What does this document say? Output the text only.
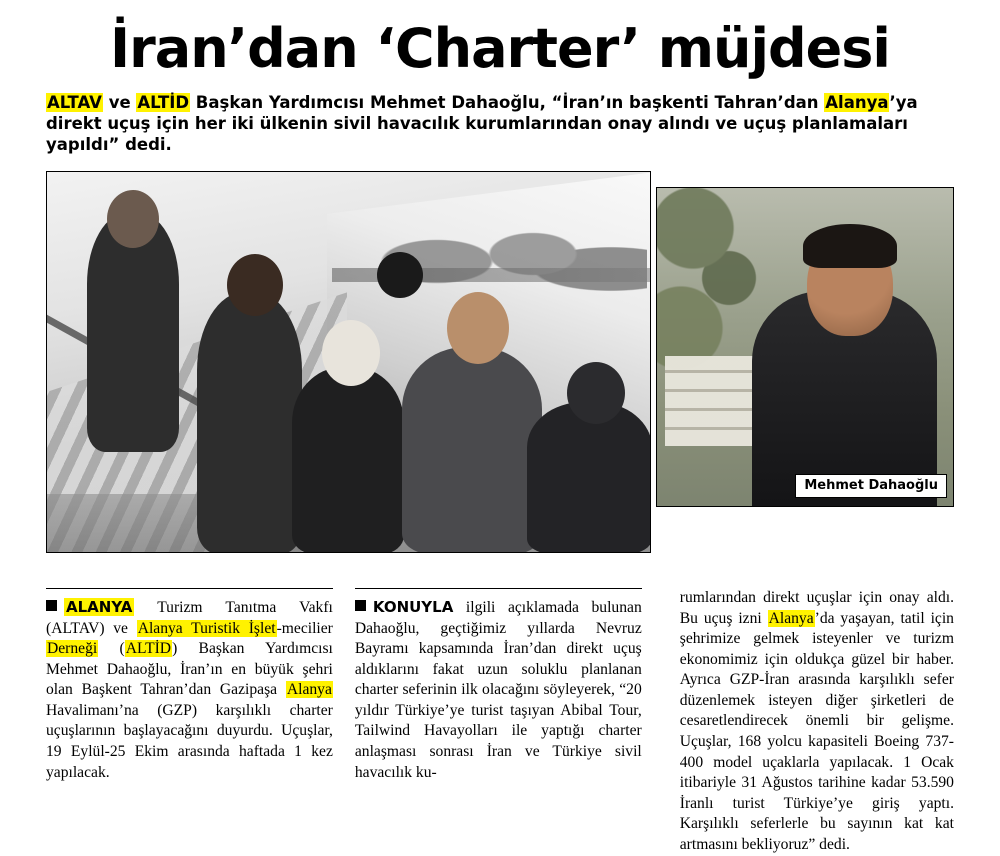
İran’dan ‘Charter’ müjdesi
ALTAV ve ALTİD Başkan Yardımcısı Mehmet Dahaoğlu, “İran’ın başkenti Tahran’dan Alanya’ya direkt uçuş için her iki ülkenin sivil havacılık kurumlarından onay alındı ve uçuş planlamaları yapıldı” dedi.
Mehmet Dahaoğlu

ALANYA Turizm Tanıtma Vakfı (ALTAV) ve Alanya Turistik İşlet-mecilier Derneği (ALTİD) Başkan Yardımcısı Mehmet Dahaoğlu, İran’ın en büyük şehri olan Başkent Tahran’dan Gazipaşa Alanya Havalimanı’na (GZP) karşılıklı charter uçuşlarının başlayacağını duyurdu. Uçuşlar, 19 Eylül-25 Ekim arasında haftada 1 kez yapılacak.

KONUYLA ilgili açıklamada bulunan Dahaoğlu, geçtiğimiz yıllarda Nevruz Bayramı kapsamında İran’dan direkt uçuş aldıklarını fakat uzun soluklu planlanan charter seferinin ilk olacağını söyleyerek, “20 yıldır Türkiye’ye turist taşıyan Abibal Tour, Tailwind Havayolları ile yaptığı charter anlaşması sonrası İran ve Türkiye sivil havacılık ku-

rumlarından direkt uçuşlar için onay aldı. Bu uçuş izni Alanya’da yaşayan, tatil için şehrimize gelmek isteyenler ve turizm ekonomimiz için oldukça güzel bir haber. Ayrıca GZP-İran arasında karşılıklı sefer düzenlemek isteyen diğer şirketleri de cesaretlendirecek önemli bir gelişme. Uçuşlar, 168 yolcu kapasiteli Boeing 737-400 model uçaklarla yapılacak. 1 Ocak itibariyle 31 Ağustos tarihine kadar 53.590 İranlı turist Türkiye’ye giriş yaptı. Karşılıklı seferlerle bu sayının kat kat artmasını bekliyoruz” dedi.
